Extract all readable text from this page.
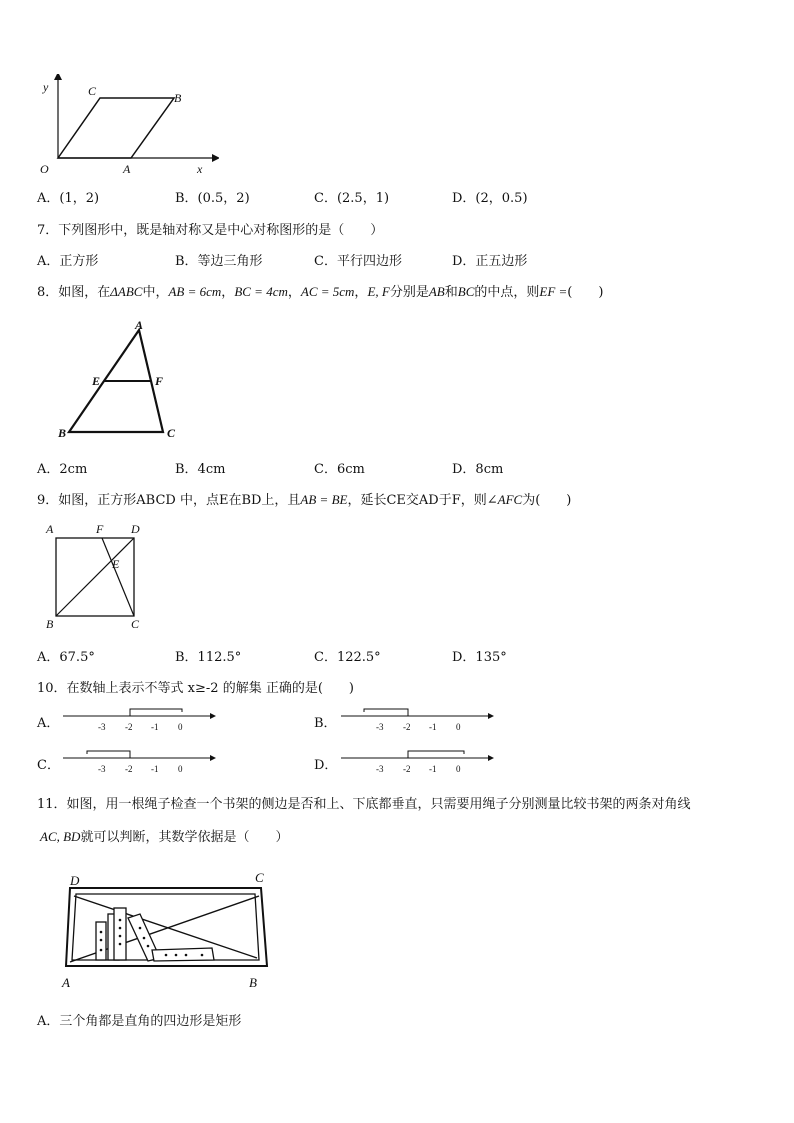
y
O
C	B
A	x
A．(1，2)	B．(0.5，2)	C．(2.5，1)	D．(2，0.5)
7．下列图形中，既是轴对称又是中心对称图形的是（　　）
A．正方形	B．等边三角形	C．平行四边形	D．正五边形
8．如图，在ΔABC中，AB = 6cm，BC = 4cm，AC = 5cm，E, F分别是AB和BC的中点，则EF =(　　)
A
E	F
B	C
A．2cm	B．4cm	C．6cm	D．8cm
9．如图，正方形ABCD 中，点E在BD上，且AB = BE，延长CE交AD于F，则∠AFC为(　　)
A	F D
E
B	C
A．67.5°	B．112.5°	C．122.5°	D．135°
10．在数轴上表示不等式 x≥-2 的解集 正确的是(　　)
A．	B．
C．	D．
-3 -2 -1 0	-3 -2 -1 0
-3 -2 -1 0	-3 -2 -1 0
11．如图，用一根绳子检查一个书架的侧边是否和上、下底都垂直，只需要用绳子分别测量比较书架的两条对角线
AC, BD就可以判断，其数学依据是（　　）
D	C
A	B
A．三个角都是直角的四边形是矩形
